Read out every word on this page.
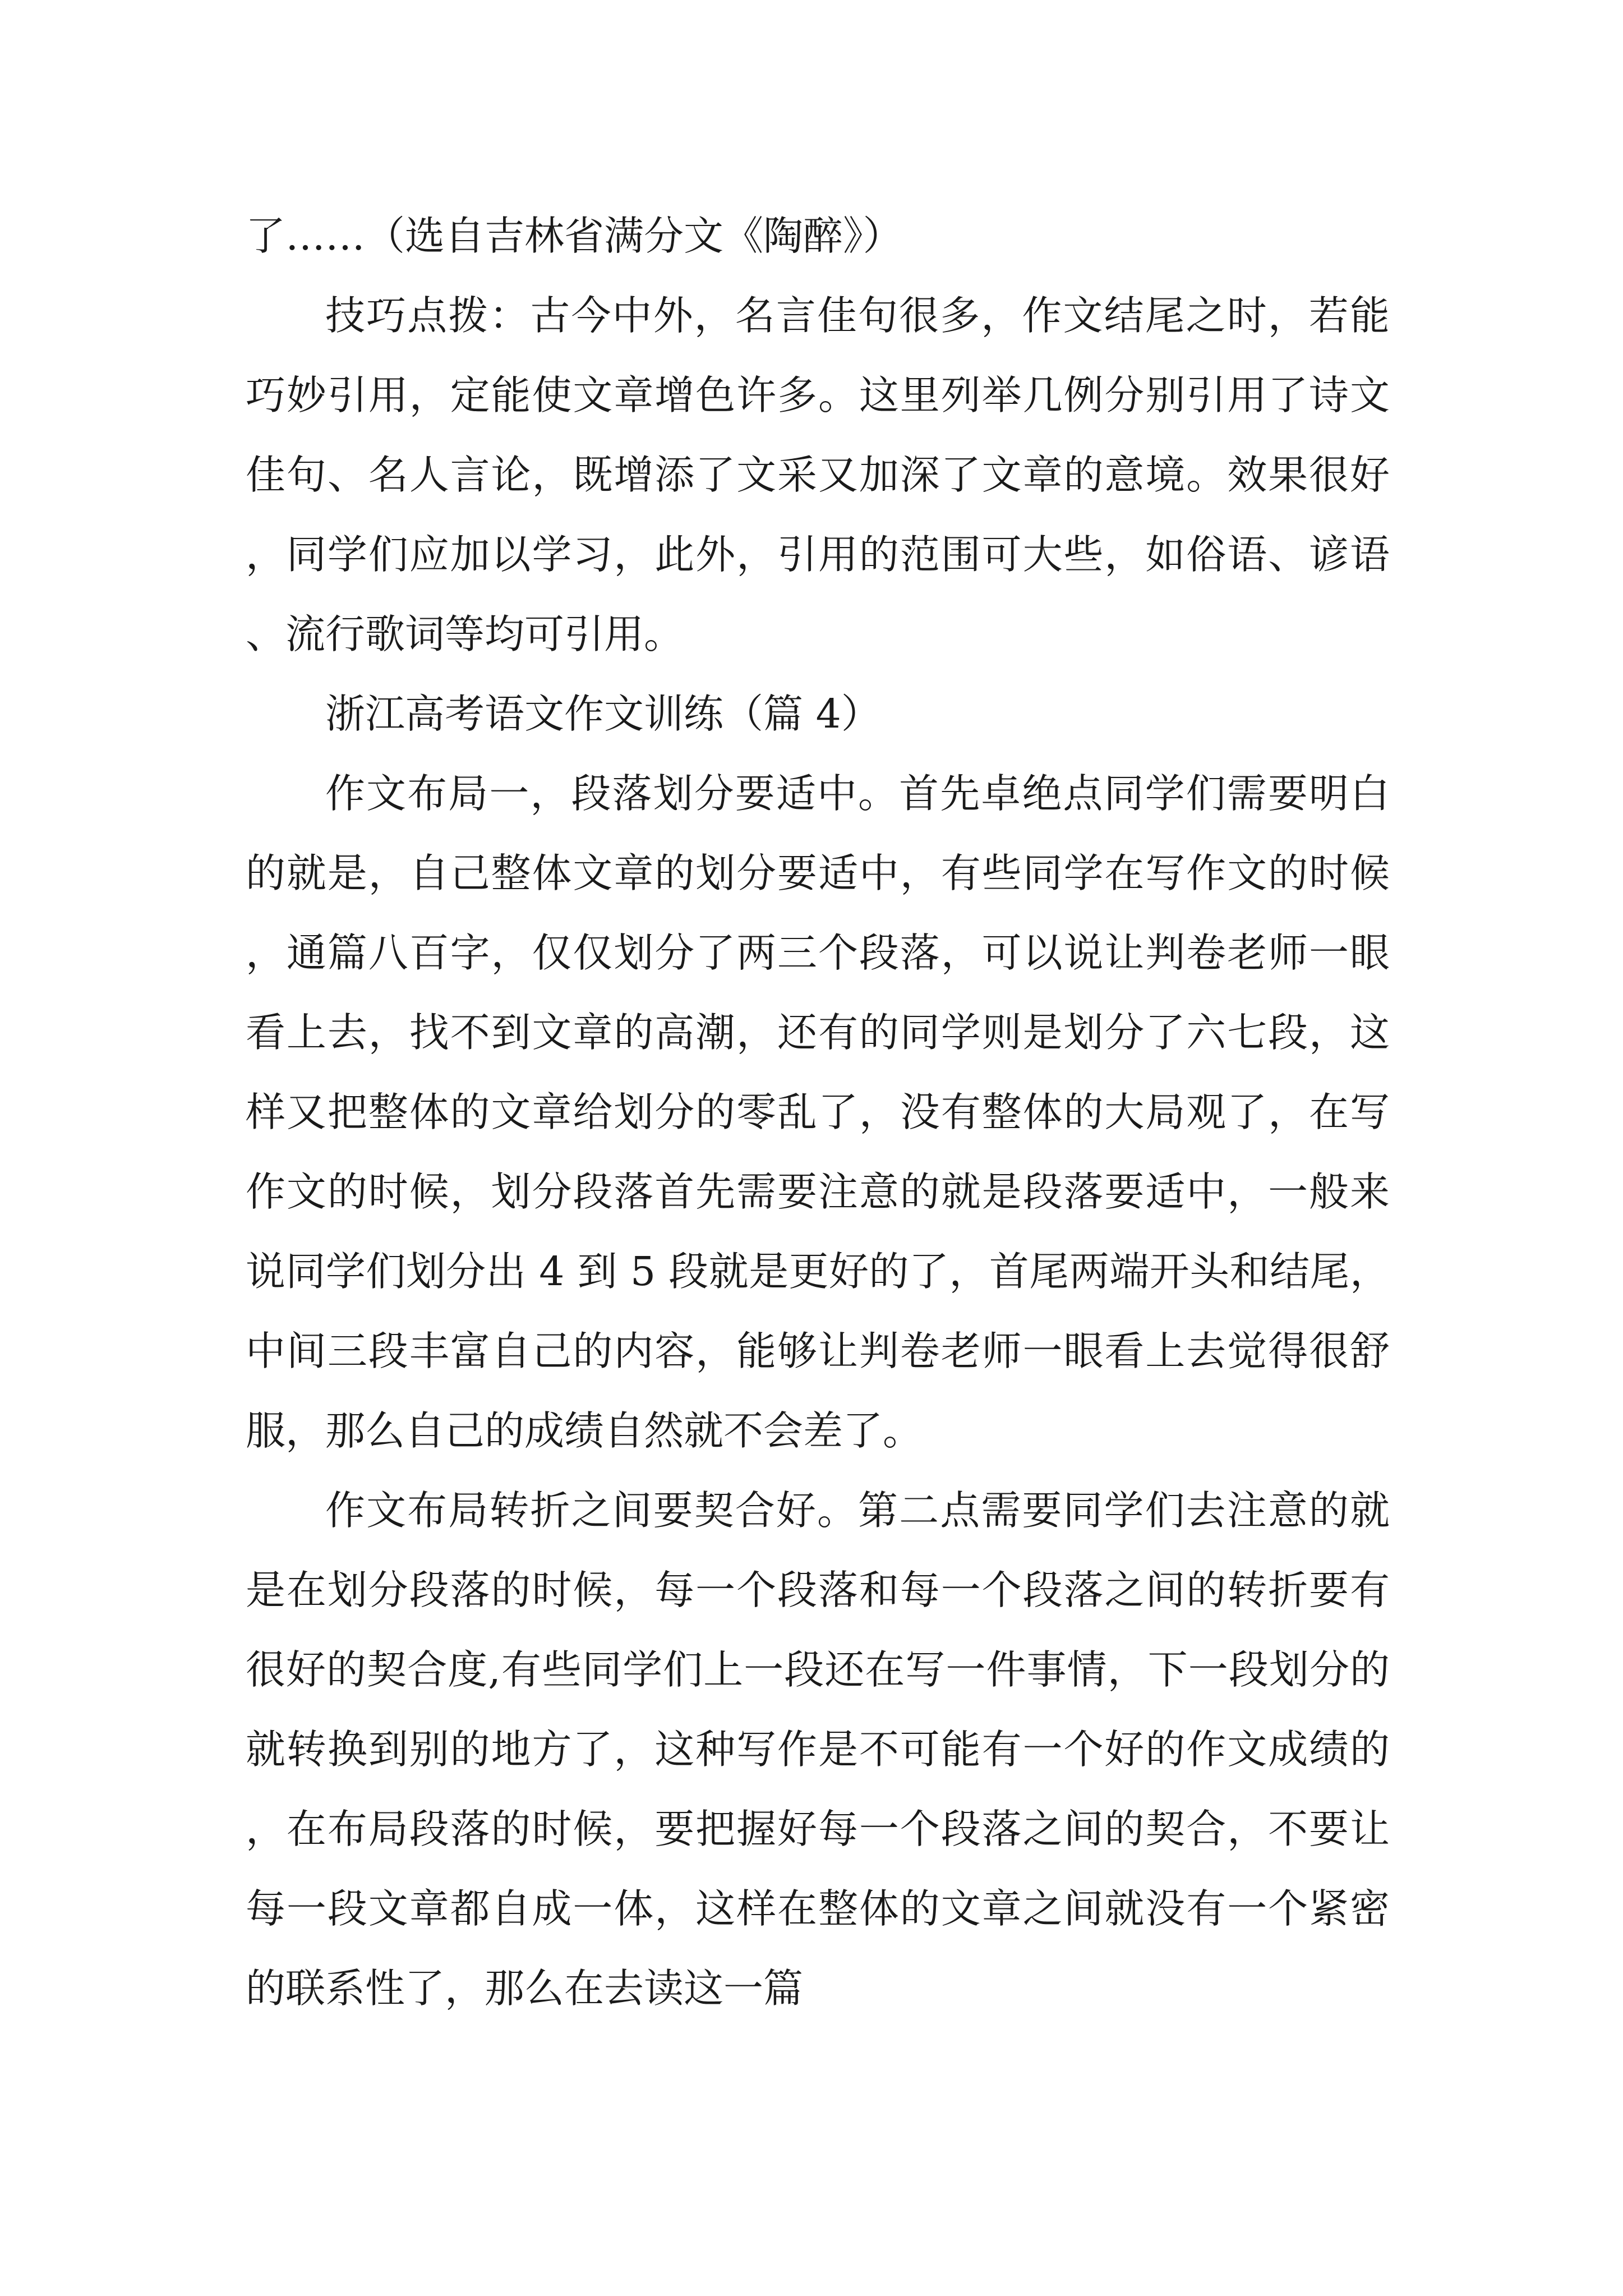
了……（选自吉林省满分文《陶醉》）

技巧点拨：古今中外，名言佳句很多，作文结尾之时，若能巧妙引用，定能使文章增色许多。这里列举几例分别引用了诗文佳句、名人言论，既增添了文采又加深了文章的意境。效果很好，同学们应加以学习，此外，引用的范围可大些，如俗语、谚语、流行歌词等均可引用。

浙江高考语文作文训练（篇 4）

作文布局一，段落划分要适中。首先卓绝点同学们需要明白的就是，自己整体文章的划分要适中，有些同学在写作文的时候，通篇八百字，仅仅划分了两三个段落，可以说让判卷老师一眼看上去，找不到文章的高潮，还有的同学则是划分了六七段，这样又把整体的文章给划分的零乱了，没有整体的大局观了，在写作文的时候，划分段落首先需要注意的就是段落要适中，一般来说同学们划分出 4 到 5 段就是更好的了，首尾两端开头和结尾，中间三段丰富自己的内容，能够让判卷老师一眼看上去觉得很舒服，那么自己的成绩自然就不会差了。

作文布局转折之间要契合好。第二点需要同学们去注意的就是在划分段落的时候，每一个段落和每一个段落之间的转折要有很好的契合度,有些同学们上一段还在写一件事情，下一段划分的就转换到别的地方了，这种写作是不可能有一个好的作文成绩的，在布局段落的时候，要把握好每一个段落之间的契合，不要让每一段文章都自成一体，这样在整体的文章之间就没有一个紧密的联系性了，那么在去读这一篇
